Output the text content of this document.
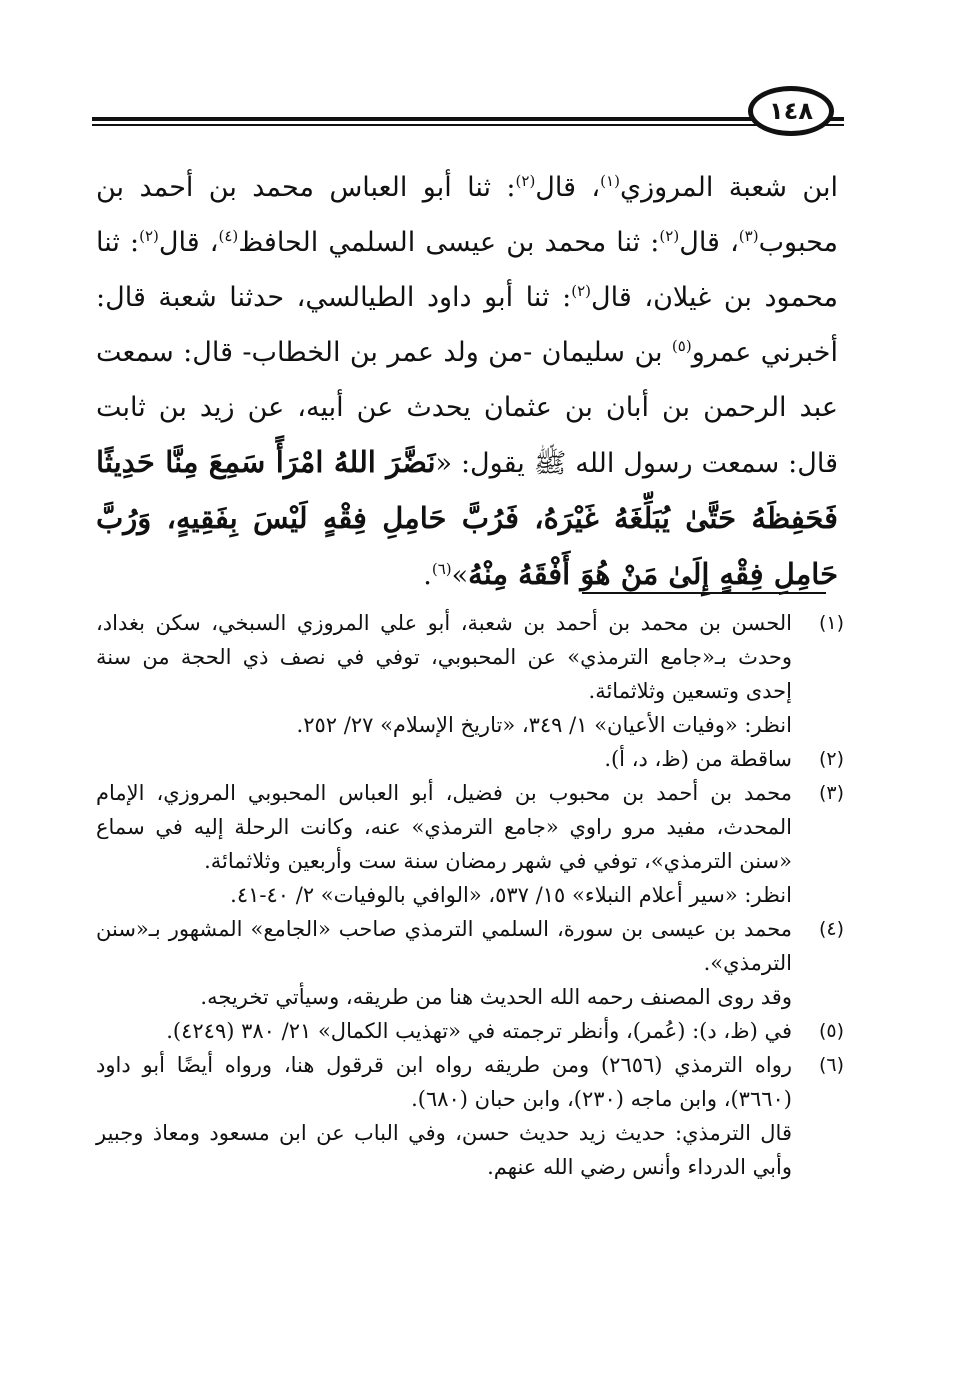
١٤٨
ابن شعبة المروزي$^{(١)}$، قال$^{(٢)}$: ثنا أبو العباس محمد بن أحمد بن محبوب$^{(٣)}$، قال$^{(٢)}$: ثنا محمد بن عيسى السلمي الحافظ$^{(٤)}$، قال$^{(٢)}$: ثنا محمود بن غيلان، قال$^{(٢)}$: ثنا أبو داود الطيالسي، حدثنا شعبة قال: أخبرني عمرو$^{(٥)}$ بن سليمان -من ولد عمر بن الخطاب- قال: سمعت عبد الرحمن بن أبان بن عثمان يحدث عن أبيه، عن زيد بن ثابت قال: سمعت رسول الله ﷺ يقول: «نَضَّرَ اللهُ امْرَأً سَمِعَ مِنَّا حَدِيثًا فَحَفِظَهُ حَتَّىٰ يُبَلِّغَهُ غَيْرَهُ، فَرُبَّ حَامِلِ فِقْهٍ لَيْسَ بِفَقِيهٍ، وَرُبَّ حَامِلِ فِقْهٍ إِلَىٰ مَنْ هُوَ أَفْقَهُ مِنْهُ»$^{(٦)}$.
(١)
الحسن بن محمد بن أحمد بن شعبة، أبو علي المروزي السبخي، سكن بغداد، وحدث بـ«جامع الترمذي» عن المحبوبي، توفي في نصف ذي الحجة من سنة إحدى وتسعين وثلاثمائة.
انظر: «وفيات الأعيان» ١/ ٣٤٩، «تاريخ الإسلام» ٢٧/ ٢٥٢.
(٢)
ساقطة من (ظ، د، أ).
(٣)
محمد بن أحمد بن محبوب بن فضيل، أبو العباس المحبوبي المروزي، الإمام المحدث، مفيد مرو راوي «جامع الترمذي» عنه، وكانت الرحلة إليه في سماع «سنن الترمذي»، توفي في شهر رمضان سنة ست وأربعين وثلاثمائة.
انظر: «سير أعلام النبلاء» ١٥/ ٥٣٧، «الوافي بالوفيات» ٢/ ٤٠-٤١.
(٤)
محمد بن عيسى بن سورة، السلمي الترمذي صاحب «الجامع» المشهور بـ«سنن الترمذي».
وقد روى المصنف رحمه الله الحديث هنا من طريقه، وسيأتي تخريجه.
(٥)
في (ظ، د): (عُمر)، وأنظر ترجمته في «تهذيب الكمال» ٢١/ ٣٨٠ (٤٢٤٩).
(٦)
رواه الترمذي (٢٦٥٦) ومن طريقه رواه ابن قرقول هنا، ورواه أيضًا أبو داود (٣٦٦٠)، وابن ماجه (٢٣٠)، وابن حبان (٦٨٠).
قال الترمذي: حديث زيد حديث حسن، وفي الباب عن ابن مسعود ومعاذ وجبير وأبي الدرداء وأنس رضي الله عنهم.
